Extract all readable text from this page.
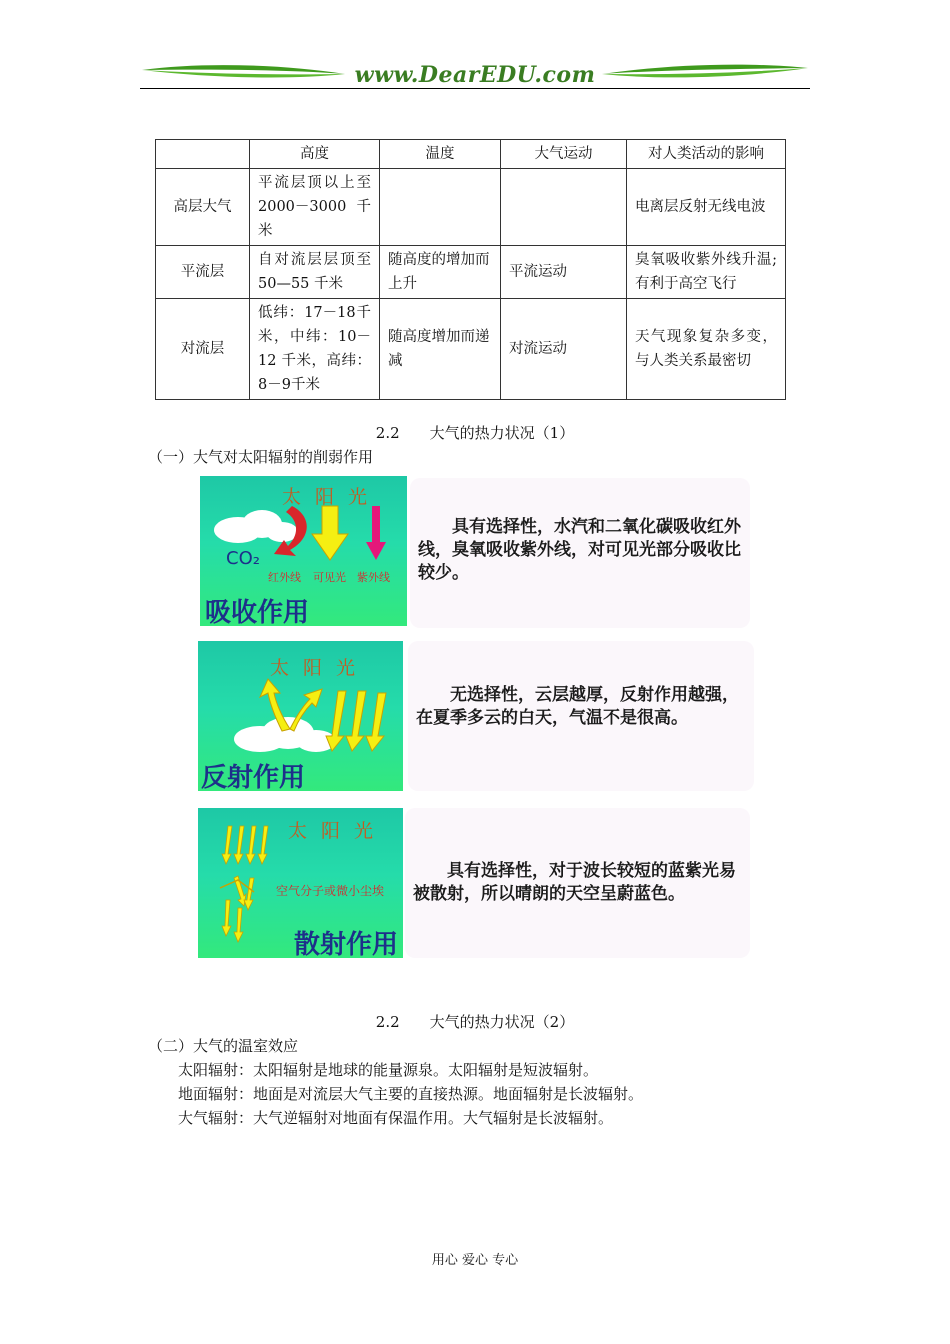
www.DearEDU.com
	高度	温度	大气运动	对人类活动的影响
高层大气	平流层顶以上至 2000－3000千米			电离层反射无线电波
平流层	自对流层层顶至50—55 千米	随高度的增加而上升	平流运动	臭氧吸收紫外线升温;有利于高空飞行
对流层	低纬：17－18千米，中纬：10－12 千米，高纬：8－9千米	随高度增加而递减	对流运动	天气现象复杂多变，与人类关系最密切
2.2　　大气的热力状况（1）
（一）大气对太阳辐射的削弱作用
太阳光
CO₂
红外线 可见光 紫外线
吸收作用
具有选择性，水汽和二氧化碳吸收红外线，臭氧吸收紫外线，对可见光部分吸收比较少。
太阳光
反射作用
无选择性，云层越厚，反射作用越强，在夏季多云的白天，气温不是很高。
太阳光
空气分子或微小尘埃
散射作用
具有选择性，对于波长较短的蓝紫光易被散射，所以晴朗的天空呈蔚蓝色。
2.2　　大气的热力状况（2）
（二）大气的温室效应
太阳辐射：太阳辐射是地球的能量源泉。太阳辐射是短波辐射。
地面辐射：地面是对流层大气主要的直接热源。地面辐射是长波辐射。
大气辐射：大气逆辐射对地面有保温作用。大气辐射是长波辐射。
用心 爱心 专心
